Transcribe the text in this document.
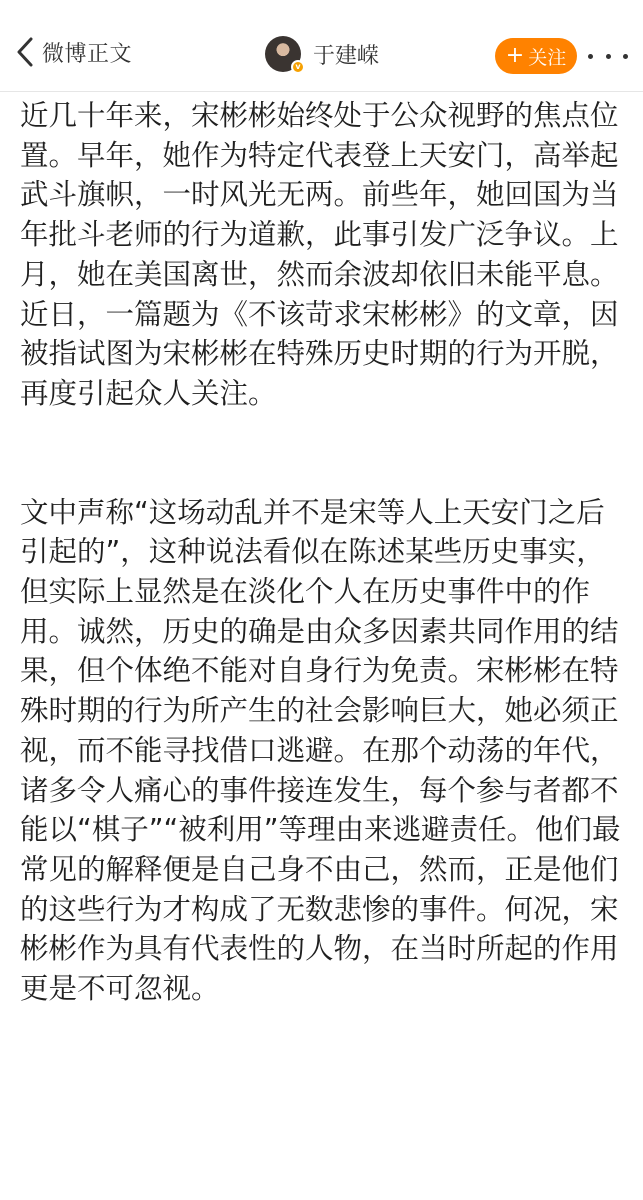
微博正文	v 于建嵘	+ 关注

近几十年来，宋彬彬始终处于公众视野的焦点位置。早年，她作为特定代表登上天安门，高举起武斗旗帜，一时风光无两。前些年，她回国为当年批斗老师的行为道歉，此事引发广泛争议。上月，她在美国离世，然而余波却依旧未能平息。近日，一篇题为《不该苛求宋彬彬》的文章，因被指试图为宋彬彬在特殊历史时期的行为开脱，再度引起众人关注。

文中声称“这场动乱并不是宋等人上天安门之后引起的”，这种说法看似在陈述某些历史事实，但实际上显然是在淡化个人在历史事件中的作用。诚然，历史的确是由众多因素共同作用的结果，但个体绝不能对自身行为免责。宋彬彬在特殊时期的行为所产生的社会影响巨大，她必须正视，而不能寻找借口逃避。在那个动荡的年代，诸多令人痛心的事件接连发生，每个参与者都不能以“棋子”“被利用”等理由来逃避责任。他们最常见的解释便是自己身不由己，然而，正是他们的这些行为才构成了无数悲惨的事件。何况，宋彬彬作为具有代表性的人物，在当时所起的作用更是不可忽视。
